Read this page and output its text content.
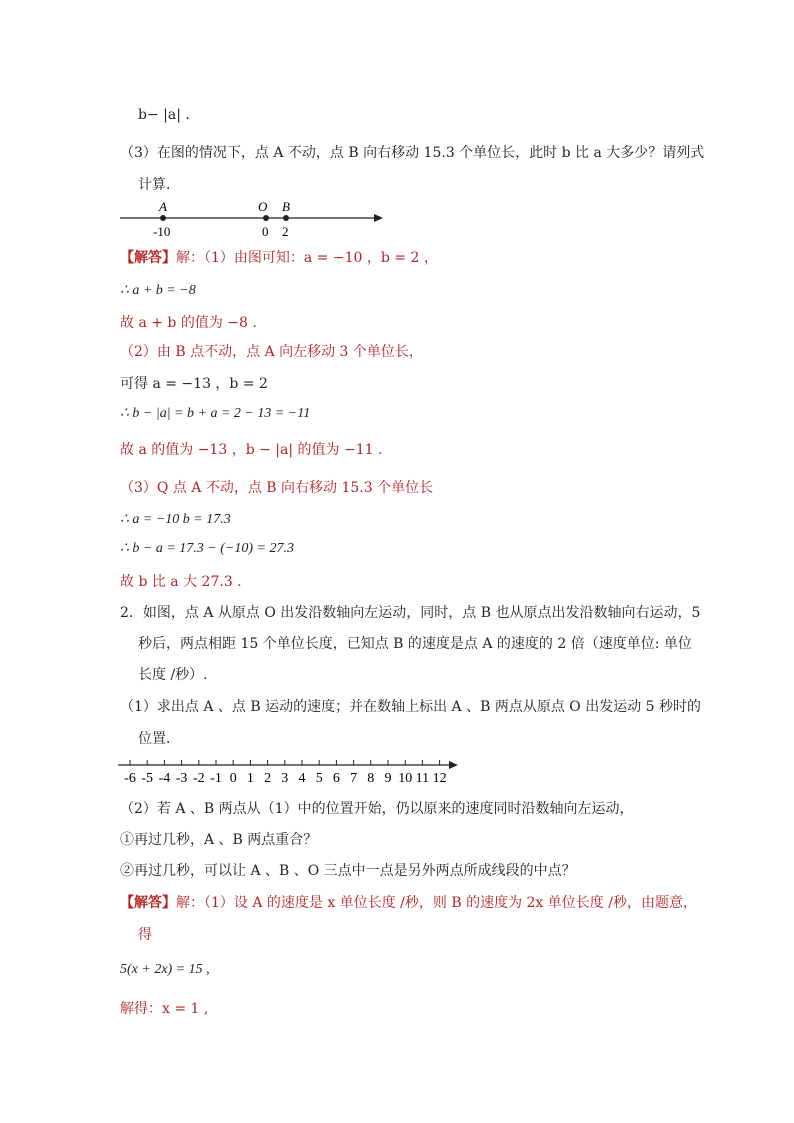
b− |a| .
（3）在图的情况下，点 A 不动，点 B 向右移动 15.3 个单位长，此时 b 比 a 大多少？请列式
计算．
A	O B
-10	0 2
【解答】解：（1）由图可知：a = −10 ，b = 2 ，
∴ a + b = −8
故 a + b 的值为 −8 ．
（2）由 B 点不动，点 A 向左移动 3 个单位长，
可得 a = −13 ，b = 2
∴ b − |a| = b + a = 2 − 13 = −11
故 a 的值为 −13 ，b − |a| 的值为 −11 .
（3）Q 点 A 不动，点 B 向右移动 15.3 个单位长
∴ a = −10 b = 17.3
∴ b − a = 17.3 − (−10) = 27.3
故 b 比 a 大 27.3 .
2．如图，点 A 从原点 O 出发沿数轴向左运动，同时，点 B 也从原点出发沿数轴向右运动，5
秒后，两点相距 15 个单位长度，已知点 B 的速度是点 A 的速度的 2 倍（速度单位: 单位
长度 /秒）.
（1）求出点 A 、点 B 运动的速度；并在数轴上标出 A 、B 两点从原点 O 出发运动 5 秒时的
位置．
-6 -5 -4 -3 -2 -1 0 1 2 3 4 5 6 7 8 9 10 11 12
（2）若 A 、B 两点从（1）中的位置开始，仍以原来的速度同时沿数轴向左运动，
①再过几秒，A 、B 两点重合？
②再过几秒，可以让 A 、B 、O 三点中一点是另外两点所成线段的中点？
【解答】解：（1）设 A 的速度是 x 单位长度 /秒，则 B 的速度为 2x 单位长度 /秒，由题意，
得
5(x + 2x) = 15 ,
解得：x = 1 ,
